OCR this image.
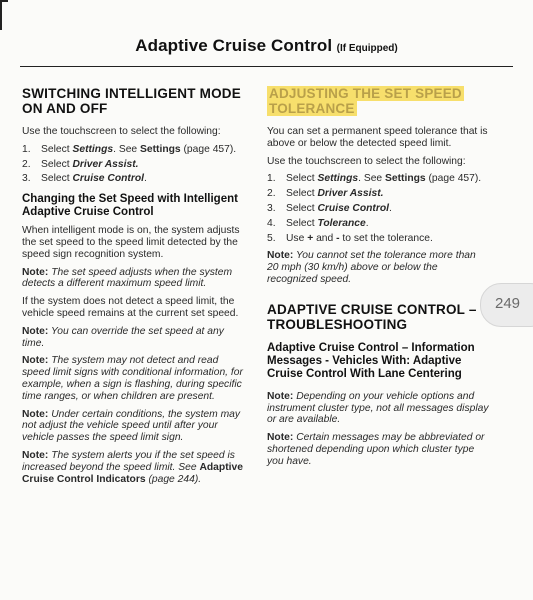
Adaptive Cruise Control (If Equipped)
SWITCHING INTELLIGENT MODE ON AND OFF

Use the touchscreen to select the following:

1. Select Settings. See Settings (page 457).
2. Select Driver Assist.
3. Select Cruise Control.
Changing the Set Speed with Intelligent Adaptive Cruise Control

When intelligent mode is on, the system adjusts the set speed to the speed limit detected by the speed sign recognition system.

Note: The set speed adjusts when the system detects a different maximum speed limit.

If the system does not detect a speed limit, the vehicle speed remains at the current set speed.

Note: You can override the set speed at any time.

Note: The system may not detect and read speed limit signs with conditional information, for example, when a sign is flashing, during specific time ranges, or when children are present.

Note: Under certain conditions, the system may not adjust the vehicle speed until after your vehicle passes the speed limit sign.

Note: The system alerts you if the set speed is increased beyond the speed limit. See Adaptive Cruise Control Indicators (page 244).

ADJUSTING THE SET SPEED TOLERANCE

You can set a permanent speed tolerance that is above or below the detected speed limit.

Use the touchscreen to select the following:

1. Select Settings. See Settings (page 457).
2. Select Driver Assist.
3. Select Cruise Control.
4. Select Tolerance.
5. Use + and - to set the tolerance.

Note: You cannot set the tolerance more than 20 mph (30 km/h) above or below the recognized speed.

ADAPTIVE CRUISE CONTROL – TROUBLESHOOTING
Adaptive Cruise Control – Information Messages - Vehicles With: Adaptive Cruise Control With Lane Centering

Note: Depending on your vehicle options and instrument cluster type, not all messages display or are available.

Note: Certain messages may be abbreviated or shortened depending upon which cluster type you have.

249
